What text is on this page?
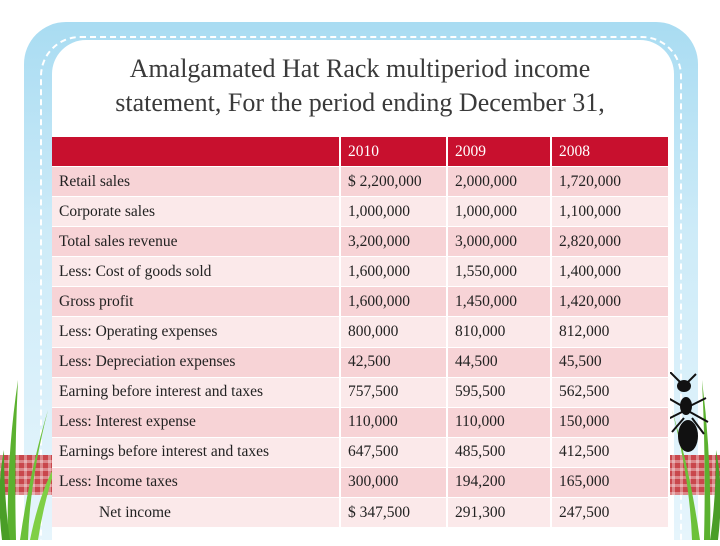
Amalgamated Hat Rack multiperiod income
statement, For the period ending December 31,
	2010	2009	2008
Retail sales	$ 2,200,000	2,000,000	1,720,000
Corporate sales	1,000,000	1,000,000	1,100,000
Total sales revenue	3,200,000	3,000,000	2,820,000
Less: Cost of goods sold	1,600,000	1,550,000	1,400,000
Gross profit	1,600,000	1,450,000	1,420,000
Less: Operating expenses	800,000	810,000	812,000
Less: Depreciation expenses	42,500	44,500	45,500
Earning before interest and taxes	757,500	595,500	562,500
Less: Interest expense	110,000	110,000	150,000
Earnings before interest and taxes	647,500	485,500	412,500
Less: Income taxes	300,000	194,200	165,000
Net income	$ 347,500	291,300	247,500
